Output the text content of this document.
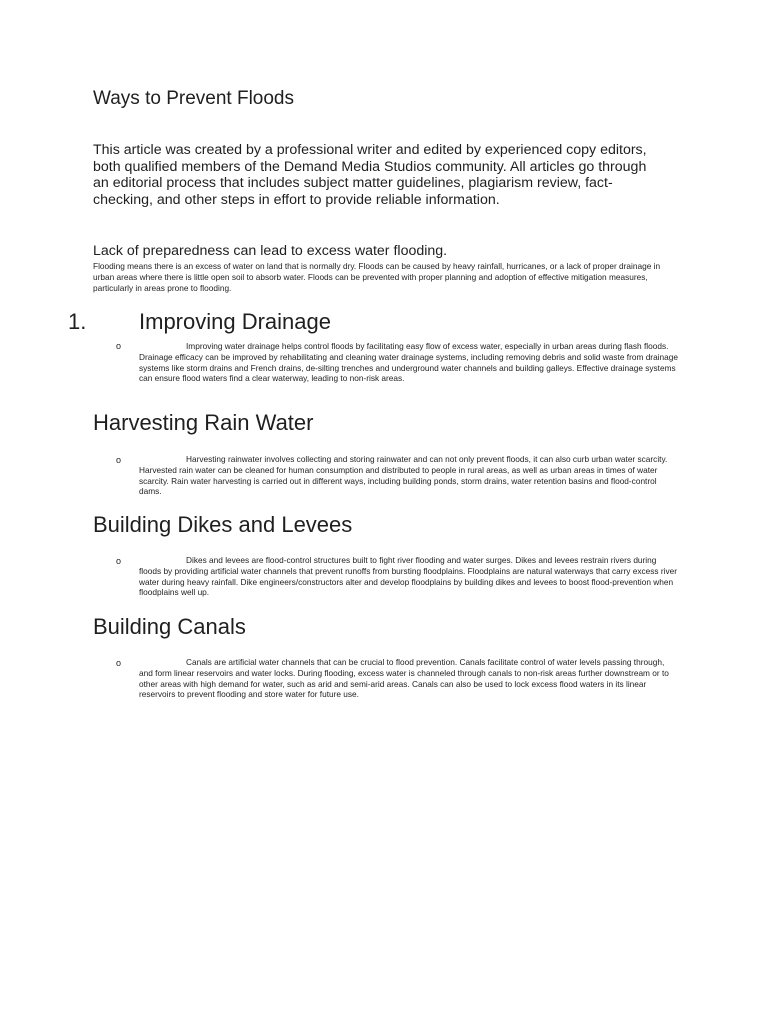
Ways to Prevent Floods
This article was created by a professional writer and edited by experienced copy editors, both qualified members of the Demand Media Studios community. All articles go through an editorial process that includes subject matter guidelines, plagiarism review, fact-checking, and other steps in effort to provide reliable information.
Lack of preparedness can lead to excess water flooding.
Flooding means there is an excess of water on land that is normally dry. Floods can be caused by heavy rainfall, hurricanes, or a lack of proper drainage in urban areas where there is little open soil to absorb water. Floods can be prevented with proper planning and adoption of effective mitigation measures, particularly in areas prone to flooding.
1. Improving Drainage
o	Improving water drainage helps control floods by facilitating easy flow of excess water, especially in urban areas during flash floods. Drainage efficacy can be improved by rehabilitating and cleaning water drainage systems, including removing debris and solid waste from drainage systems like storm drains and French drains, de-silting trenches and underground water channels and building galleys. Effective drainage systems can ensure flood waters find a clear waterway, leading to non-risk areas.
Harvesting Rain Water
o	Harvesting rainwater involves collecting and storing rainwater and can not only prevent floods, it can also curb urban water scarcity. Harvested rain water can be cleaned for human consumption and distributed to people in rural areas, as well as urban areas in times of water scarcity. Rain water harvesting is carried out in different ways, including building ponds, storm drains, water retention basins and flood-control dams.
Building Dikes and Levees
o	Dikes and levees are flood-control structures built to fight river flooding and water surges. Dikes and levees restrain rivers during floods by providing artificial water channels that prevent runoffs from bursting floodplains. Floodplains are natural waterways that carry excess river water during heavy rainfall. Dike engineers/constructors alter and develop floodplains by building dikes and levees to boost flood-prevention when floodplains well up.
Building Canals
o	Canals are artificial water channels that can be crucial to flood prevention. Canals facilitate control of water levels passing through, and form linear reservoirs and water locks. During flooding, excess water is channeled through canals to non-risk areas further downstream or to other areas with high demand for water, such as arid and semi-arid areas. Canals can also be used to lock excess flood waters in its linear reservoirs to prevent flooding and store water for future use.
